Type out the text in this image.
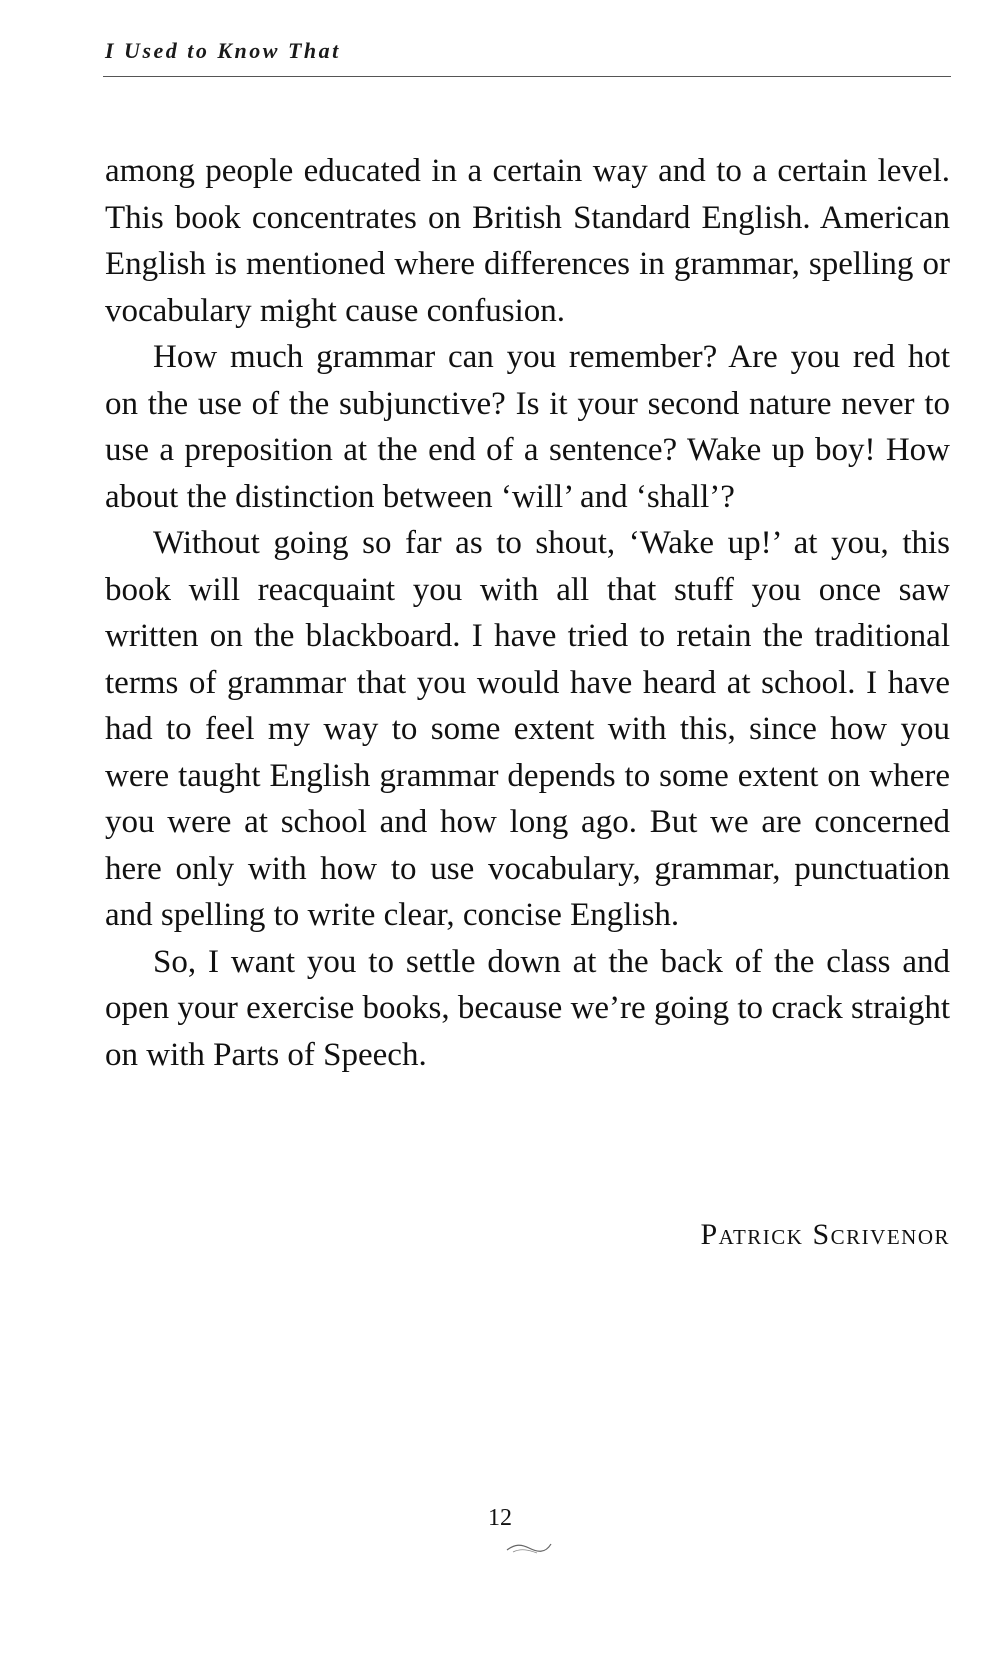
I Used to Know That

among people educated in a certain way and to a certain level. This book concentrates on British Standard English. American English is mentioned where differences in grammar, spelling or vocabulary might cause confusion.

How much grammar can you remember? Are you red hot on the use of the subjunctive? Is it your second nature never to use a preposition at the end of a sentence? Wake up boy! How about the distinction between ‘will’ and ‘shall’?

Without going so far as to shout, ‘Wake up!’ at you, this book will reacquaint you with all that stuff you once saw written on the blackboard. I have tried to retain the traditional terms of grammar that you would have heard at school. I have had to feel my way to some extent with this, since how you were taught English grammar depends to some extent on where you were at school and how long ago. But we are concerned here only with how to use vocabulary, grammar, punctuation and spelling to write clear, concise English.

So, I want you to settle down at the back of the class and open your exercise books, because we’re going to crack straight on with Parts of Speech.

Patrick Scrivenor
12
